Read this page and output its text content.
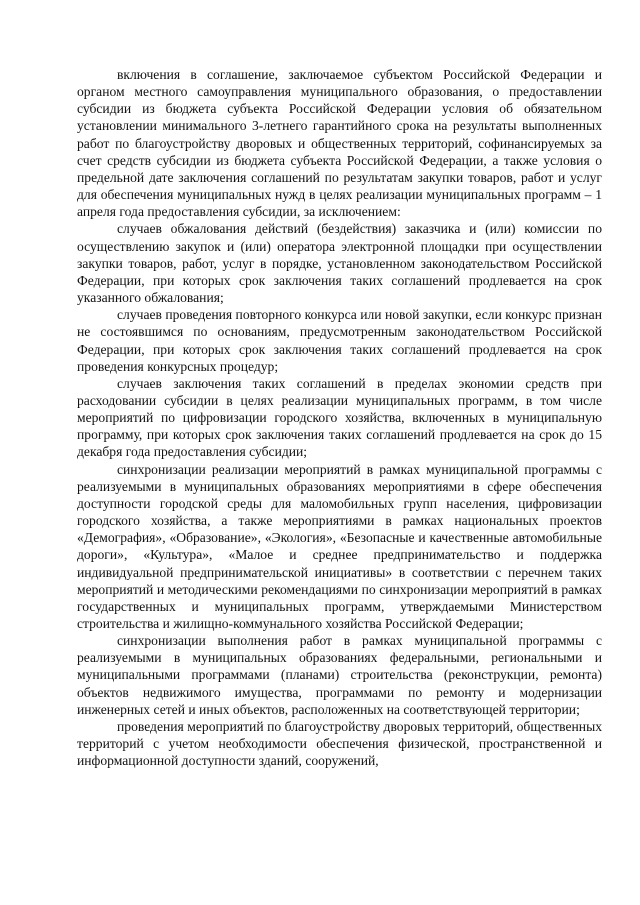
включения в соглашение, заключаемое субъектом Российской Федерации и органом местного самоуправления муниципального образования, о предоставлении субсидии из бюджета субъекта Российской Федерации условия об обязательном установлении минимального 3-летнего гарантийного срока на результаты выполненных работ по благоустройству дворовых и общественных территорий, софинансируемых за счет средств субсидии из бюджета субъекта Российской Федерации, а также условия о предельной дате заключения соглашений по результатам закупки товаров, работ и услуг для обеспечения муниципальных нужд в целях реализации муниципальных программ – 1 апреля года предоставления субсидии, за исключением:

случаев обжалования действий (бездействия) заказчика и (или) комиссии по осуществлению закупок и (или) оператора электронной площадки при осуществлении закупки товаров, работ, услуг в порядке, установленном законодательством Российской Федерации, при которых срок заключения таких соглашений продлевается на срок указанного обжалования;

случаев проведения повторного конкурса или новой закупки, если конкурс признан не состоявшимся по основаниям, предусмотренным законодательством Российской Федерации, при которых срок заключения таких соглашений продлевается на срок проведения конкурсных процедур;

случаев заключения таких соглашений в пределах экономии средств при расходовании субсидии в целях реализации муниципальных программ, в том числе мероприятий по цифровизации городского хозяйства, включенных в муниципальную программу, при которых срок заключения таких соглашений продлевается на срок до 15 декабря года предоставления субсидии;

синхронизации реализации мероприятий в рамках муниципальной программы с реализуемыми в муниципальных образованиях мероприятиями в сфере обеспечения доступности городской среды для маломобильных групп населения, цифровизации городского хозяйства, а также мероприятиями в рамках национальных проектов «Демография», «Образование», «Экология», «Безопасные и качественные автомобильные дороги», «Культура», «Малое и среднее предпринимательство и поддержка индивидуальной предпринимательской инициативы» в соответствии с перечнем таких мероприятий и методическими рекомендациями по синхронизации мероприятий в рамках государственных и муниципальных программ, утверждаемыми Министерством строительства и жилищно-коммунального хозяйства Российской Федерации;

синхронизации выполнения работ в рамках муниципальной программы с реализуемыми в муниципальных образованиях федеральными, региональными и муниципальными программами (планами) строительства (реконструкции, ремонта) объектов недвижимого имущества, программами по ремонту и модернизации инженерных сетей и иных объектов, расположенных на соответствующей территории;

проведения мероприятий по благоустройству дворовых территорий, общественных территорий с учетом необходимости обеспечения физической, пространственной и информационной доступности зданий, сооружений,
